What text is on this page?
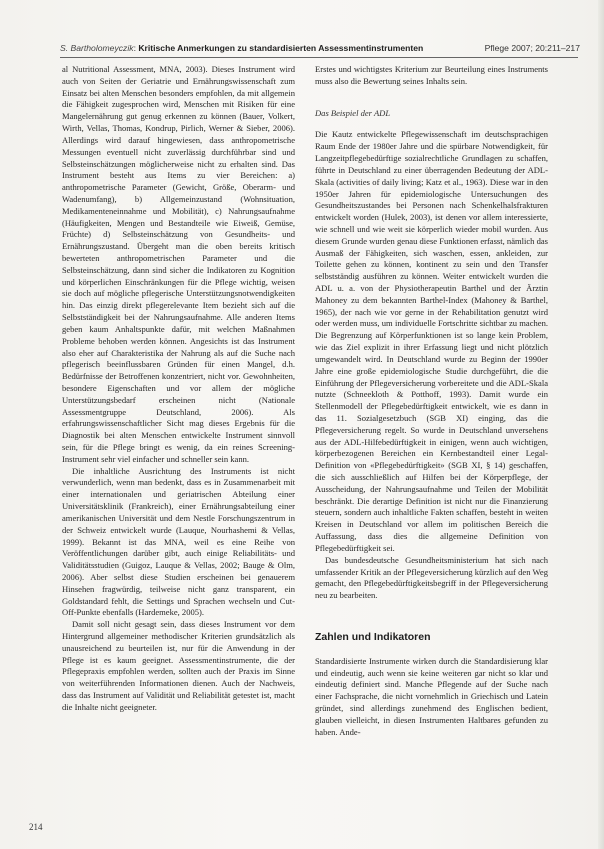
S. Bartholomeyczik: Kritische Anmerkungen zu standardisierten Assessmentinstrumenten	Pflege 2007; 20:211–217

al Nutritional Assessment, MNA, 2003). Dieses Instrument wird auch von Seiten der Geriatrie und Ernährungswissenschaft zum Einsatz bei alten Menschen besonders empfohlen, da mit allgemein die Fähigkeit zugesprochen wird, Menschen mit Risiken für eine Mangelernährung gut genug erkennen zu können (Bauer, Volkert, Wirth, Vellas, Thomas, Kondrup, Pirlich, Werner & Sieber, 2006). Allerdings wird darauf hingewiesen, dass anthropometrische Messungen eventuell nicht zuverlässig durchführbar sind und Selbsteinschätzungen möglicherweise nicht zu erhalten sind. Das Instrument besteht aus Items zu vier Bereichen: a) anthropometrische Parameter (Gewicht, Größe, Oberarm- und Wadenumfang), b) Allgemeinzustand (Wohnsituation, Medikamenteneinnahme und Mobilität), c) Nahrungsaufnahme (Häufigkeiten, Mengen und Bestandteile wie Eiweiß, Gemüse, Früchte) d) Selbsteinschätzung von Gesundheits- und Ernährungszustand. Übergeht man die oben bereits kritisch bewerteten anthropometrischen Parameter und die Selbsteinschätzung, dann sind sicher die Indikatoren zu Kognition und körperlichen Einschränkungen für die Pflege wichtig, weisen sie doch auf mögliche pflegerische Unterstützungsnotwendigkeiten hin. Das einzig direkt pflegerelevante Item bezieht sich auf die Selbstständigkeit bei der Nahrungsaufnahme. Alle anderen Items geben kaum Anhaltspunkte dafür, mit welchen Maßnahmen Probleme behoben werden können. Angesichts ist das Instrument also eher auf Charakteristika der Nahrung als auf die Suche nach pflegerisch beeinflussbaren Gründen für einen Mangel, d.h. Bedürfnisse der Betroffenen konzentriert, nicht vor. Gewohnheiten, besondere Eigenschaften und vor allem der mögliche Unterstützungsbedarf erscheinen nicht (Nationale Assessmentgruppe Deutschland, 2006). Als erfahrungswissenschaftlicher Sicht mag dieses Ergebnis für die Diagnostik bei alten Menschen entwickelte Instrument sinnvoll sein, für die Pflege bringt es wenig, da ein reines Screening-Instrument sehr viel einfacher und schneller sein kann.

Die inhaltliche Ausrichtung des Instruments ist nicht verwunderlich, wenn man bedenkt, dass es in Zusammenarbeit mit einer internationalen und geriatrischen Abteilung einer Universitätsklinik (Frankreich), einer Ernährungsabteilung einer amerikanischen Universität und dem Nestle Forschungszentrum in der Schweiz entwickelt wurde (Lauque, Nourhashemi & Vellas, 1999). Bekannt ist das MNA, weil es eine Reihe von Veröffentlichungen darüber gibt, auch einige Reliabilitäts- und Validitätsstudien (Guigoz, Lauque & Vellas, 2002; Bauge & Olm, 2006). Aber selbst diese Studien erscheinen bei genauerem Hinsehen fragwürdig, teilweise nicht ganz transparent, ein Goldstandard fehlt, die Settings und Sprachen wechseln und Cut-Off-Punkte ebenfalls (Hardemeke, 2005).

Damit soll nicht gesagt sein, dass dieses Instrument vor dem Hintergrund allgemeiner methodischer Kriterien grundsätzlich als unausreichend zu beurteilen ist, nur für die Anwendung in der Pflege ist es kaum geeignet. Assessmentinstrumente, die der Pflegepraxis empfohlen werden, sollten auch der Praxis im Sinne von weiterführenden Informationen dienen. Auch der Nachweis, dass das Instrument auf Validität und Reliabilität getestet ist, macht die Inhalte nicht geeigneter.

Erstes und wichtigstes Kriterium zur Beurteilung eines Instruments muss also die Bewertung seines Inhalts sein.

Das Beispiel der ADL

Die Kautz entwickelte Pflegewissenschaft im deutschsprachigen Raum Ende der 1980er Jahre und die spürbare Notwendigkeit, für Langzeitpflegebedürftige sozialrechtliche Grundlagen zu schaffen, führte in Deutschland zu einer überragenden Bedeutung der ADL-Skala (activities of daily living; Katz et al., 1963). Diese war in den 1950er Jahren für epidemiologische Untersuchungen des Gesundheitszustandes bei Personen nach Schenkelhalsfrakturen entwickelt worden (Hulek, 2003), ist denen vor allem interessierte, wie schnell und wie weit sie körperlich wieder mobil wurden. Aus diesem Grunde wurden genau diese Funktionen erfasst, nämlich das Ausmaß der Fähigkeiten, sich waschen, essen, ankleiden, zur Toilette gehen zu können, kontinent zu sein und den Transfer selbstständig ausführen zu können. Weiter entwickelt wurden die ADL u. a. von der Physiotherapeutin Barthel und der Ärztin Mahoney zu dem bekannten Barthel-Index (Mahoney & Barthel, 1965), der nach wie vor gerne in der Rehabilitation genutzt wird oder werden muss, um individuelle Fortschritte sichtbar zu machen. Die Begrenzung auf Körperfunktionen ist so lange kein Problem, wie das Ziel explizit in ihrer Erfassung liegt und nicht plötzlich umgewandelt wird. In Deutschland wurde zu Beginn der 1990er Jahre eine große epidemiologische Studie durchgeführt, die die Einführung der Pflegeversicherung vorbereitete und die ADL-Skala nutzte (Schneekloth & Potthoff, 1993). Damit wurde ein Stellenmodell der Pflegebedürftigkeit entwickelt, wie es dann in das 11. Sozialgesetzbuch (SGB XI) einging, das die Pflegeversicherung regelt. So wurde in Deutschland unversehens aus der ADL-Hilfebedürftigkeit in einigen, wenn auch wichtigen, körperbezogenen Bereichen ein Kernbestandteil einer Legal-Definition von «Pflegebedürftigkeit» (SGB XI, § 14) geschaffen, die sich ausschließlich auf Hilfen bei der Körperpflege, der Ausscheidung, der Nahrungsaufnahme und Teilen der Mobilität beschränkt. Die derartige Definition ist nicht nur die Finanzierung steuern, sondern auch inhaltliche Fakten schaffen, besteht in weiten Kreisen in Deutschland vor allem im politischen Bereich die Auffassung, dass dies die allgemeine Definition von Pflegebedürftigkeit sei.

Das bundesdeutsche Gesundheitsministerium hat sich nach umfassender Kritik an der Pflegeversicherung kürzlich auf den Weg gemacht, den Pflegebedürftigkeitsbegriff in der Pflegeversicherung neu zu bearbeiten.

Zahlen und Indikatoren

Standardisierte Instrumente wirken durch die Standardisierung klar und eindeutig, auch wenn sie keine weiteren gar nicht so klar und eindeutig definiert sind. Manche Pflegende auf der Suche nach einer Fachsprache, die nicht vornehmlich in Griechisch und Latein gründet, sind allerdings zunehmend des Englischen bedient, glauben vielleicht, in diesen Instrumenten Haltbares gefunden zu haben. Ande-

214
